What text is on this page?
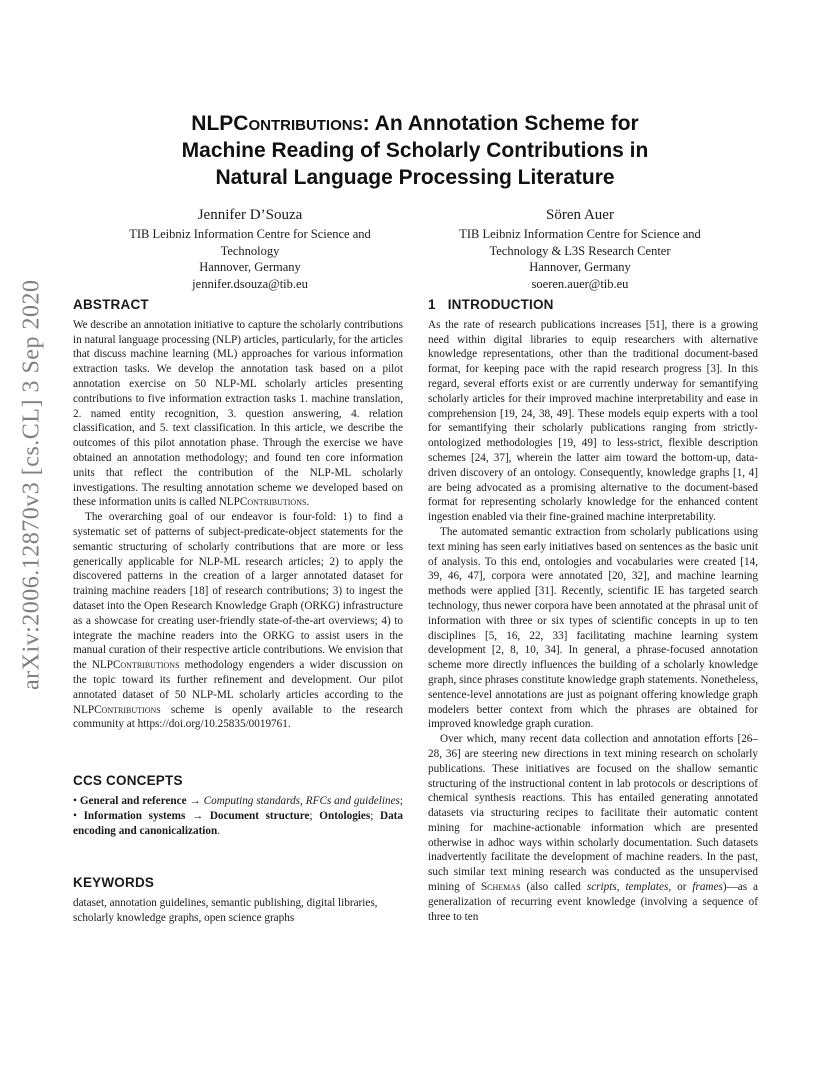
arXiv:2006.12870v3 [cs.CL] 3 Sep 2020
NLPContributions: An Annotation Scheme for
Machine Reading of Scholarly Contributions in
Natural Language Processing Literature
Jennifer D’Souza
TIB Leibniz Information Centre for Science and
Technology
Hannover, Germany
jennifer.dsouza@tib.eu
Sören Auer
TIB Leibniz Information Centre for Science and
Technology & L3S Research Center
Hannover, Germany
soeren.auer@tib.eu
ABSTRACT

We describe an annotation initiative to capture the scholarly contributions in natural language processing (NLP) articles, particularly, for the articles that discuss machine learning (ML) approaches for various information extraction tasks. We develop the annotation task based on a pilot annotation exercise on 50 NLP-ML scholarly articles presenting contributions to five information extraction tasks 1. machine translation, 2. named entity recognition, 3. question answering, 4. relation classification, and 5. text classification. In this article, we describe the outcomes of this pilot annotation phase. Through the exercise we have obtained an annotation methodology; and found ten core information units that reflect the contribution of the NLP-ML scholarly investigations. The resulting annotation scheme we developed based on these information units is called NLPContributions.

The overarching goal of our endeavor is four-fold: 1) to find a systematic set of patterns of subject-predicate-object statements for the semantic structuring of scholarly contributions that are more or less generically applicable for NLP-ML research articles; 2) to apply the discovered patterns in the creation of a larger annotated dataset for training machine readers [18] of research contributions; 3) to ingest the dataset into the Open Research Knowledge Graph (ORKG) infrastructure as a showcase for creating user-friendly state-of-the-art overviews; 4) to integrate the machine readers into the ORKG to assist users in the manual curation of their respective article contributions. We envision that the NLPContributions methodology engenders a wider discussion on the topic toward its further refinement and development. Our pilot annotated dataset of 50 NLP-ML scholarly articles according to the NLPContributions scheme is openly available to the research community at https://doi.org/10.25835/0019761.

CCS CONCEPTS

• General and reference → Computing standards, RFCs and guidelines; • Information systems → Document structure; Ontologies; Data encoding and canonicalization.

KEYWORDS

dataset, annotation guidelines, semantic publishing, digital libraries, scholarly knowledge graphs, open science graphs

1 INTRODUCTION

As the rate of research publications increases [51], there is a growing need within digital libraries to equip researchers with alternative knowledge representations, other than the traditional document-based format, for keeping pace with the rapid research progress [3]. In this regard, several efforts exist or are currently underway for semantifying scholarly articles for their improved machine interpretability and ease in comprehension [19, 24, 38, 49]. These models equip experts with a tool for semantifying their scholarly publications ranging from strictly-ontologized methodologies [19, 49] to less-strict, flexible description schemes [24, 37], wherein the latter aim toward the bottom-up, data-driven discovery of an ontology. Consequently, knowledge graphs [1, 4] are being advocated as a promising alternative to the document-based format for representing scholarly knowledge for the enhanced content ingestion enabled via their fine-grained machine interpretability.

The automated semantic extraction from scholarly publications using text mining has seen early initiatives based on sentences as the basic unit of analysis. To this end, ontologies and vocabularies were created [14, 39, 46, 47], corpora were annotated [20, 32], and machine learning methods were applied [31]. Recently, scientific IE has targeted search technology, thus newer corpora have been annotated at the phrasal unit of information with three or six types of scientific concepts in up to ten disciplines [5, 16, 22, 33] facilitating machine learning system development [2, 8, 10, 34]. In general, a phrase-focused annotation scheme more directly influences the building of a scholarly knowledge graph, since phrases constitute knowledge graph statements. Nonetheless, sentence-level annotations are just as poignant offering knowledge graph modelers better context from which the phrases are obtained for improved knowledge graph curation.

Over which, many recent data collection and annotation efforts [26–28, 36] are steering new directions in text mining research on scholarly publications. These initiatives are focused on the shallow semantic structuring of the instructional content in lab protocols or descriptions of chemical synthesis reactions. This has entailed generating annotated datasets via structuring recipes to facilitate their automatic content mining for machine-actionable information which are presented otherwise in adhoc ways within scholarly documentation. Such datasets inadvertently facilitate the development of machine readers. In the past, such similar text mining research was conducted as the unsupervised mining of Schemas (also called scripts, templates, or frames)—as a generalization of recurring event knowledge (involving a sequence of three to ten
